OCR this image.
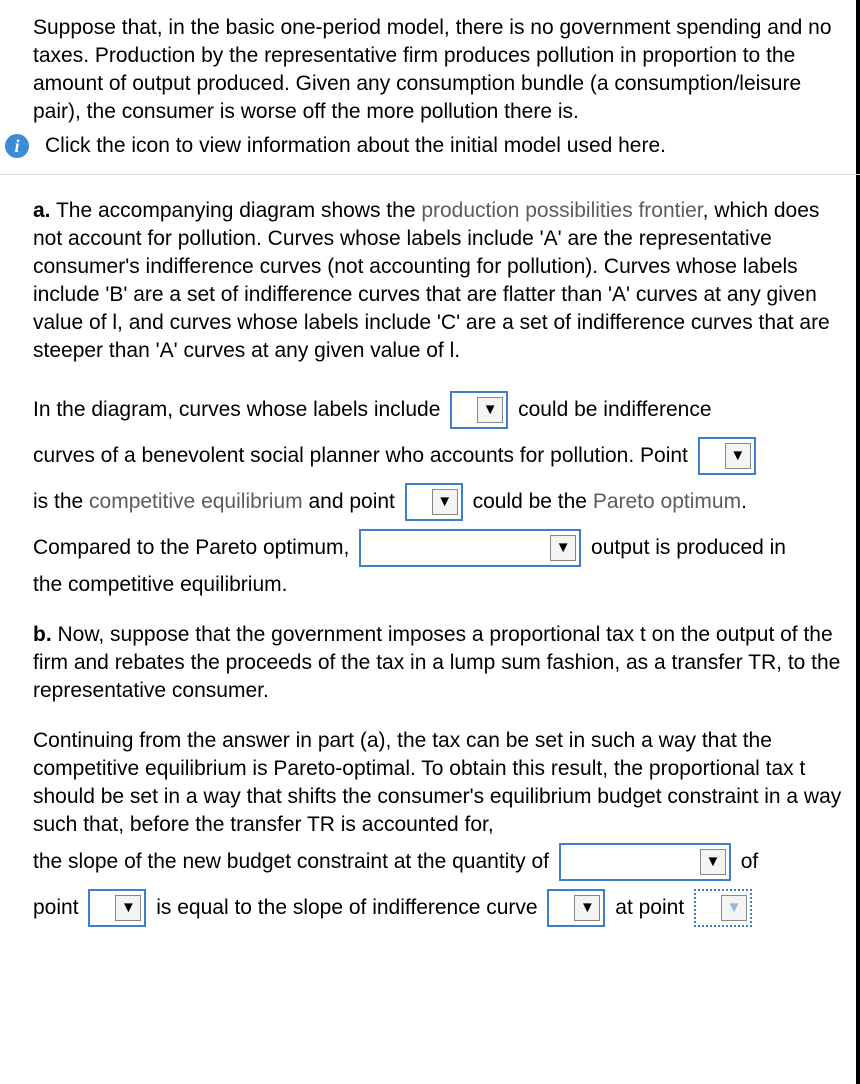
Suppose that, in the basic one-period model, there is no government spending and no taxes. Production by the representative firm produces pollution in proportion to the amount of output produced. Given any consumption bundle (a consumption/leisure pair), the consumer is worse off the more pollution there is.

i	Click the icon to view information about the initial model used here.

a. The accompanying diagram shows the production possibilities frontier, which does not account for pollution. Curves whose labels include 'A' are the representative consumer's indifference curves (not accounting for pollution). Curves whose labels include 'B' are a set of indifference curves that are flatter than 'A' curves at any given value of l, and curves whose labels include 'C' are a set of indifference curves that are steeper than 'A' curves at any given value of l.

In the diagram, curves whose labels include	▼ could be indifference
curves of a benevolent social planner who accounts for pollution. Point	▼
is the competitive equilibrium and point	▼ could be the Pareto optimum.
Compared to the Pareto optimum,	▼ output is produced in

the competitive equilibrium.

b. Now, suppose that the government imposes a proportional tax t on the output of the firm and rebates the proceeds of the tax in a lump sum fashion, as a transfer TR, to the representative consumer.

Continuing from the answer in part (a), the tax can be set in such a way that the competitive equilibrium is Pareto-optimal. To obtain this result, the proportional tax t should be set in a way that shifts the consumer's equilibrium budget constraint in a way such that, before the transfer TR is accounted for,

the slope of the new budget constraint at the quantity of	▼ of
point	▼ is equal to the slope of indifference curve	▼ at point	▼
